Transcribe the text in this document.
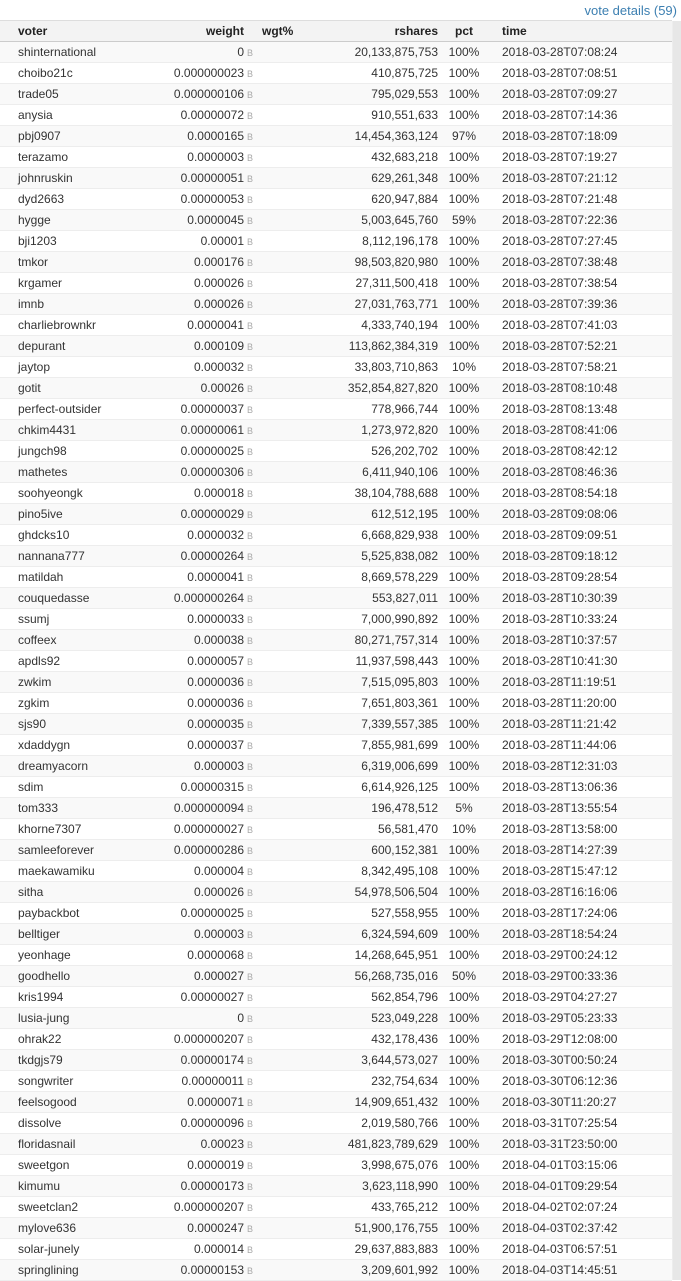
vote details (59)
voter	weight	wgt%	rshares	pct	time
shinternational	0 B		20,133,875,753	100%	2018-03-28T07:08:24
choibo21c	0.000000023 B		410,875,725	100%	2018-03-28T07:08:51
trade05	0.000000106 B		795,029,553	100%	2018-03-28T07:09:27
anysia	0.00000072 B		910,551,633	100%	2018-03-28T07:14:36
pbj0907	0.0000165 B		14,454,363,124	97%	2018-03-28T07:18:09
terazamo	0.0000003 B		432,683,218	100%	2018-03-28T07:19:27
johnruskin	0.00000051 B		629,261,348	100%	2018-03-28T07:21:12
dyd2663	0.00000053 B		620,947,884	100%	2018-03-28T07:21:48
hygge	0.0000045 B		5,003,645,760	59%	2018-03-28T07:22:36
bji1203	0.00001 B		8,112,196,178	100%	2018-03-28T07:27:45
tmkor	0.000176 B		98,503,820,980	100%	2018-03-28T07:38:48
krgamer	0.000026 B		27,311,500,418	100%	2018-03-28T07:38:54
imnb	0.000026 B		27,031,763,771	100%	2018-03-28T07:39:36
charliebrownkr	0.0000041 B		4,333,740,194	100%	2018-03-28T07:41:03
depurant	0.000109 B		113,862,384,319	100%	2018-03-28T07:52:21
jaytop	0.000032 B		33,803,710,863	10%	2018-03-28T07:58:21
gotit	0.00026 B		352,854,827,820	100%	2018-03-28T08:10:48
perfect-outsider	0.00000037 B		778,966,744	100%	2018-03-28T08:13:48
chkim4431	0.00000061 B		1,273,972,820	100%	2018-03-28T08:41:06
jungch98	0.00000025 B		526,202,702	100%	2018-03-28T08:42:12
mathetes	0.00000306 B		6,411,940,106	100%	2018-03-28T08:46:36
soohyeongk	0.000018 B		38,104,788,688	100%	2018-03-28T08:54:18
pino5ive	0.00000029 B		612,512,195	100%	2018-03-28T09:08:06
ghdcks10	0.0000032 B		6,668,829,938	100%	2018-03-28T09:09:51
nannana777	0.00000264 B		5,525,838,082	100%	2018-03-28T09:18:12
matildah	0.0000041 B		8,669,578,229	100%	2018-03-28T09:28:54
couquedasse	0.000000264 B		553,827,011	100%	2018-03-28T10:30:39
ssumj	0.0000033 B		7,000,990,892	100%	2018-03-28T10:33:24
coffeex	0.000038 B		80,271,757,314	100%	2018-03-28T10:37:57
apdls92	0.0000057 B		11,937,598,443	100%	2018-03-28T10:41:30
zwkim	0.0000036 B		7,515,095,803	100%	2018-03-28T11:19:51
zgkim	0.0000036 B		7,651,803,361	100%	2018-03-28T11:20:00
sjs90	0.0000035 B		7,339,557,385	100%	2018-03-28T11:21:42
xdaddygn	0.0000037 B		7,855,981,699	100%	2018-03-28T11:44:06
dreamyacorn	0.000003 B		6,319,006,699	100%	2018-03-28T12:31:03
sdim	0.00000315 B		6,614,926,125	100%	2018-03-28T13:06:36
tom333	0.000000094 B		196,478,512	5%	2018-03-28T13:55:54
khorne7307	0.000000027 B		56,581,470	10%	2018-03-28T13:58:00
samleeforever	0.000000286 B		600,152,381	100%	2018-03-28T14:27:39
maekawamiku	0.000004 B		8,342,495,108	100%	2018-03-28T15:47:12
sitha	0.000026 B		54,978,506,504	100%	2018-03-28T16:16:06
paybackbot	0.00000025 B		527,558,955	100%	2018-03-28T17:24:06
belltiger	0.000003 B		6,324,594,609	100%	2018-03-28T18:54:24
yeonhage	0.0000068 B		14,268,645,951	100%	2018-03-29T00:24:12
goodhello	0.000027 B		56,268,735,016	50%	2018-03-29T00:33:36
kris1994	0.00000027 B		562,854,796	100%	2018-03-29T04:27:27
lusia-jung	0 B		523,049,228	100%	2018-03-29T05:23:33
ohrak22	0.000000207 B		432,178,436	100%	2018-03-29T12:08:00
tkdgjs79	0.00000174 B		3,644,573,027	100%	2018-03-30T00:50:24
songwriter	0.00000011 B		232,754,634	100%	2018-03-30T06:12:36
feelsogood	0.0000071 B		14,909,651,432	100%	2018-03-30T11:20:27
dissolve	0.00000096 B		2,019,580,766	100%	2018-03-31T07:25:54
floridasnail	0.00023 B		481,823,789,629	100%	2018-03-31T23:50:00
sweetgon	0.0000019 B		3,998,675,076	100%	2018-04-01T03:15:06
kimumu	0.00000173 B		3,623,118,990	100%	2018-04-01T09:29:54
sweetclan2	0.000000207 B		433,765,212	100%	2018-04-02T02:07:24
mylove636	0.0000247 B		51,900,176,755	100%	2018-04-03T02:37:42
solar-junely	0.000014 B		29,637,883,883	100%	2018-04-03T06:57:51
springlining	0.00000153 B		3,209,601,992	100%	2018-04-03T14:45:51
